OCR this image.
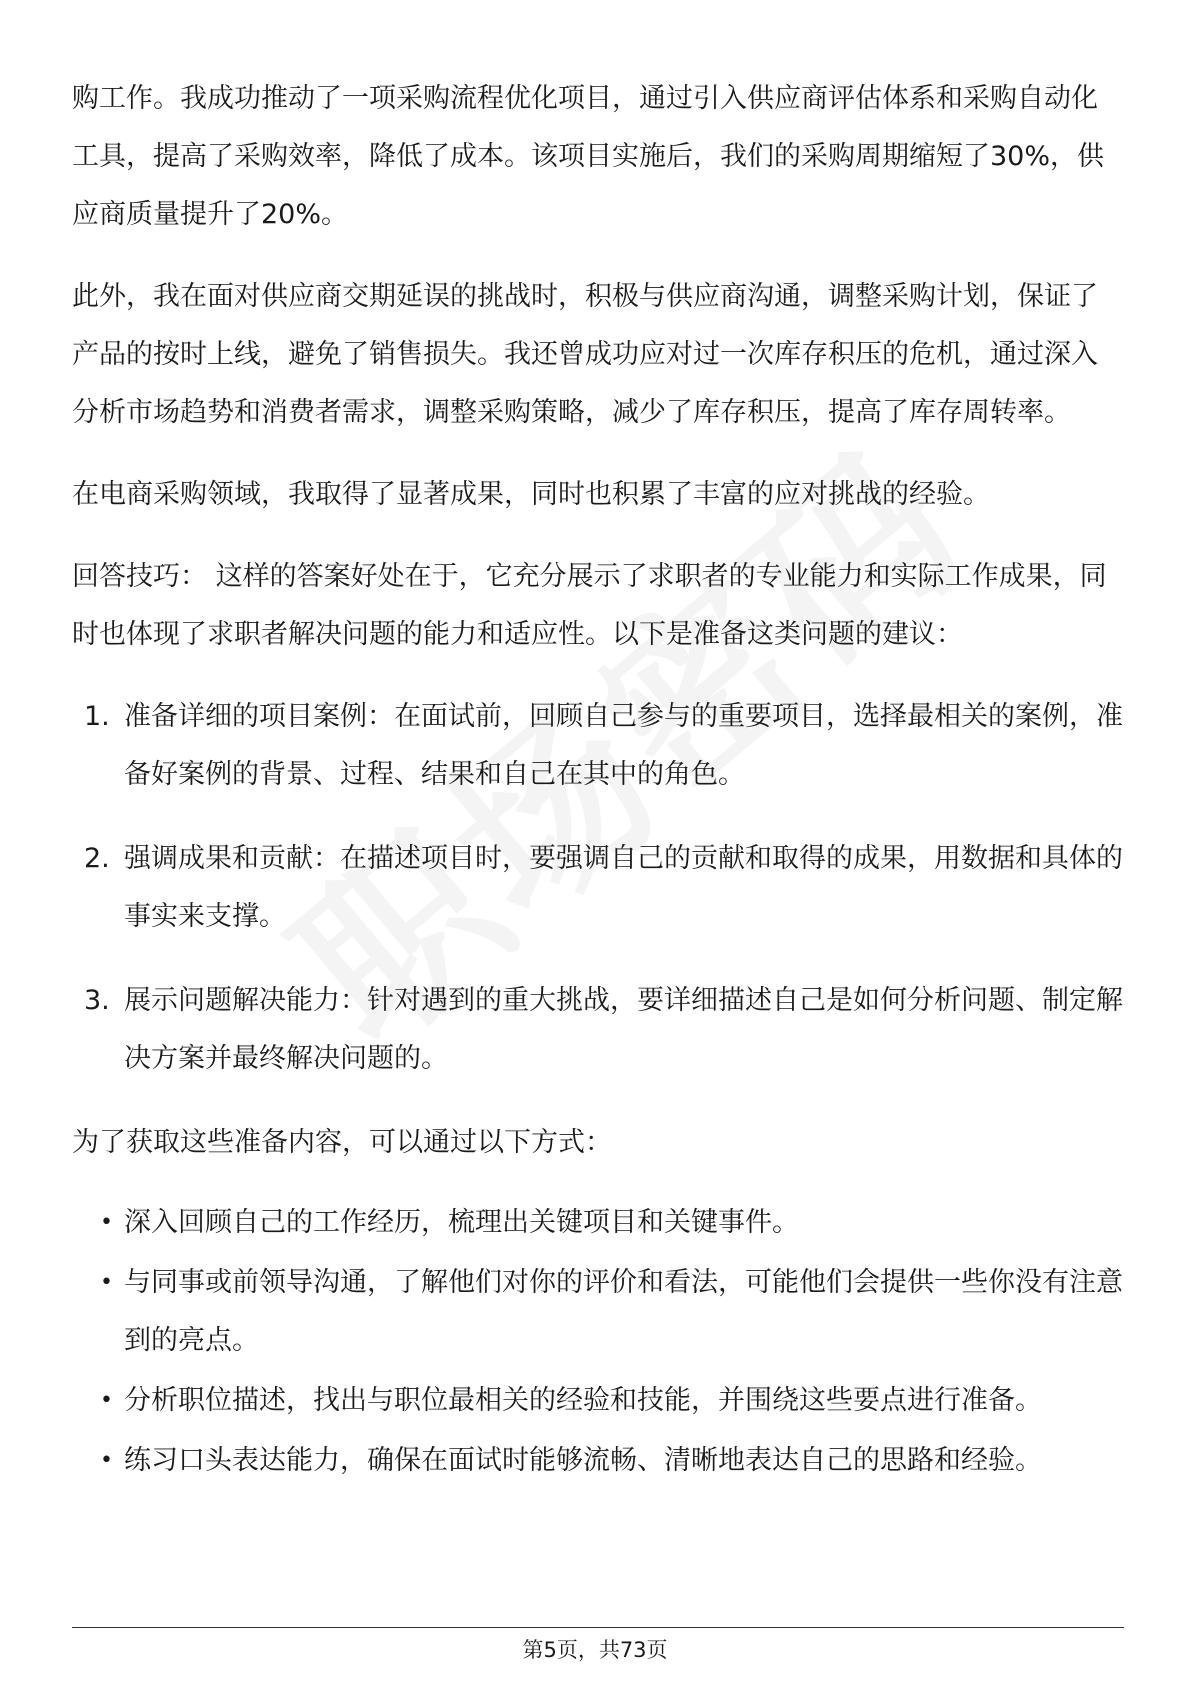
购工作。我成功推动了一项采购流程优化项目，通过引入供应商评估体系和采购自动化工具，提高了采购效率，降低了成本。该项目实施后，我们的采购周期缩短了30%，供应商质量提升了20%。

此外，我在面对供应商交期延误的挑战时，积极与供应商沟通，调整采购计划，保证了产品的按时上线，避免了销售损失。我还曾成功应对过一次库存积压的危机，通过深入分析市场趋势和消费者需求，调整采购策略，减少了库存积压，提高了库存周转率。

在电商采购领域，我取得了显著成果，同时也积累了丰富的应对挑战的经验。

回答技巧： 这样的答案好处在于，它充分展示了求职者的专业能力和实际工作成果，同时也体现了求职者解决问题的能力和适应性。以下是准备这类问题的建议：

1. 准备详细的项目案例：在面试前，回顾自己参与的重要项目，选择最相关的案例，准备好案例的背景、过程、结果和自己在其中的角色。
2. 强调成果和贡献：在描述项目时，要强调自己的贡献和取得的成果，用数据和具体的事实来支撑。
3. 展示问题解决能力：针对遇到的重大挑战，要详细描述自己是如何分析问题、制定解决方案并最终解决问题的。

为了获取这些准备内容，可以通过以下方式：

• 深入回顾自己的工作经历，梳理出关键项目和关键事件。
• 与同事或前领导沟通，了解他们对你的评价和看法，可能他们会提供一些你没有注意到的亮点。
• 分析职位描述，找出与职位最相关的经验和技能，并围绕这些要点进行准备。
• 练习口头表达能力，确保在面试时能够流畅、清晰地表达自己的思路和经验。
第5页，共73页
